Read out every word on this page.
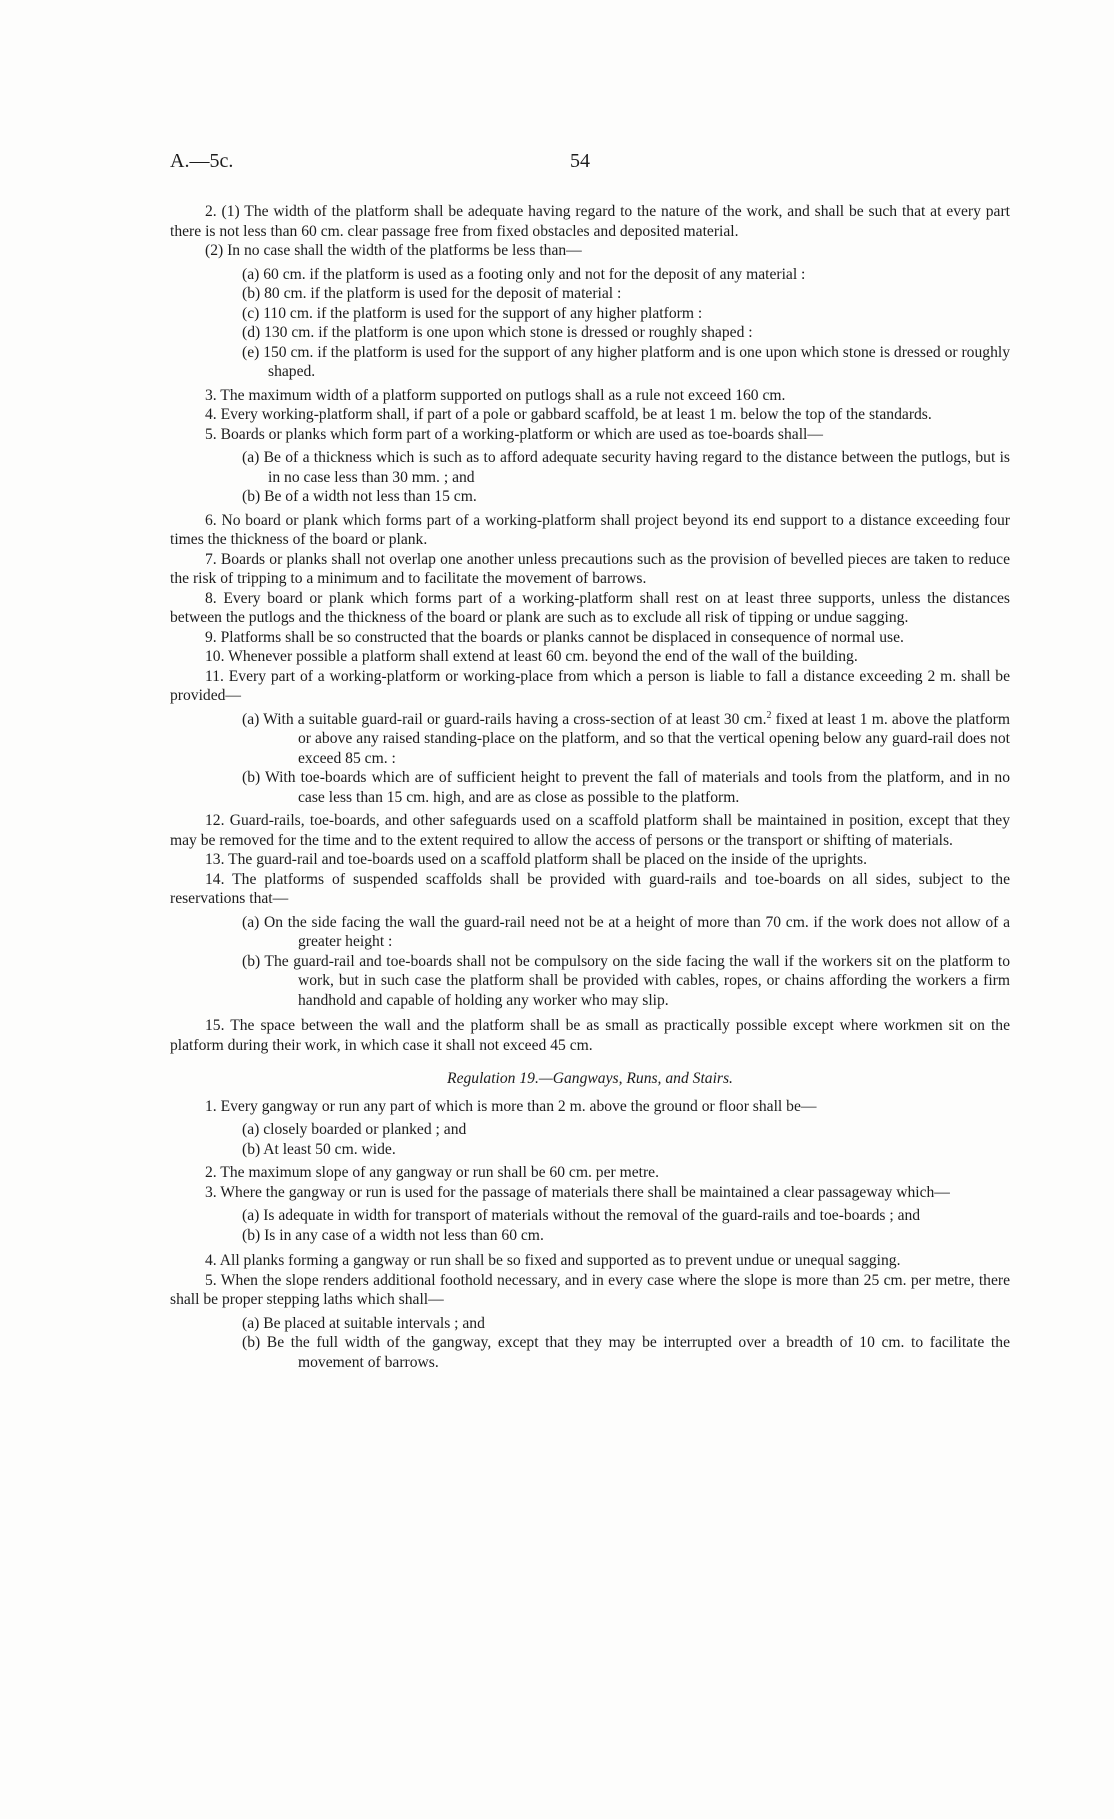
A.—5c.	54

2. (1) The width of the platform shall be adequate having regard to the nature of the work, and shall be such that at every part there is not less than 60 cm. clear passage free from fixed obstacles and deposited material.

(2) In no case shall the width of the platforms be less than—

(a) 60 cm. if the platform is used as a footing only and not for the deposit of any material :

(b) 80 cm. if the platform is used for the deposit of material :

(c) 110 cm. if the platform is used for the support of any higher platform :

(d) 130 cm. if the platform is one upon which stone is dressed or roughly shaped :

(e) 150 cm. if the platform is used for the support of any higher platform and is one upon which stone is dressed or roughly shaped.

3. The maximum width of a platform supported on putlogs shall as a rule not exceed 160 cm.

4. Every working-platform shall, if part of a pole or gabbard scaffold, be at least 1 m. below the top of the standards.

5. Boards or planks which form part of a working-platform or which are used as toe-boards shall—

(a) Be of a thickness which is such as to afford adequate security having regard to the distance between the putlogs, but is in no case less than 30 mm. ; and

(b) Be of a width not less than 15 cm.

6. No board or plank which forms part of a working-platform shall project beyond its end support to a distance exceeding four times the thickness of the board or plank.

7. Boards or planks shall not overlap one another unless precautions such as the provision of bevelled pieces are taken to reduce the risk of tripping to a minimum and to facilitate the movement of barrows.

8. Every board or plank which forms part of a working-platform shall rest on at least three supports, unless the distances between the putlogs and the thickness of the board or plank are such as to exclude all risk of tipping or undue sagging.

9. Platforms shall be so constructed that the boards or planks cannot be displaced in consequence of normal use.

10. Whenever possible a platform shall extend at least 60 cm. beyond the end of the wall of the building.

11. Every part of a working-platform or working-place from which a person is liable to fall a distance exceeding 2 m. shall be provided—

(a) With a suitable guard-rail or guard-rails having a cross-section of at least 30 cm.$^2$ fixed at least 1 m. above the platform or above any raised standing-place on the platform, and so that the vertical opening below any guard-rail does not exceed 85 cm. :

(b) With toe-boards which are of sufficient height to prevent the fall of materials and tools from the platform, and in no case less than 15 cm. high, and are as close as possible to the platform.

12. Guard-rails, toe-boards, and other safeguards used on a scaffold platform shall be maintained in position, except that they may be removed for the time and to the extent required to allow the access of persons or the transport or shifting of materials.

13. The guard-rail and toe-boards used on a scaffold platform shall be placed on the inside of the uprights.

14. The platforms of suspended scaffolds shall be provided with guard-rails and toe-boards on all sides, subject to the reservations that—

(a) On the side facing the wall the guard-rail need not be at a height of more than 70 cm. if the work does not allow of a greater height :

(b) The guard-rail and toe-boards shall not be compulsory on the side facing the wall if the workers sit on the platform to work, but in such case the platform shall be provided with cables, ropes, or chains affording the workers a firm handhold and capable of holding any worker who may slip.

15. The space between the wall and the platform shall be as small as practically possible except where workmen sit on the platform during their work, in which case it shall not exceed 45 cm.

Regulation 19.—Gangways, Runs, and Stairs.

1. Every gangway or run any part of which is more than 2 m. above the ground or floor shall be—

(a) closely boarded or planked ; and

(b) At least 50 cm. wide.

2. The maximum slope of any gangway or run shall be 60 cm. per metre.

3. Where the gangway or run is used for the passage of materials there shall be maintained a clear passageway which—

(a) Is adequate in width for transport of materials without the removal of the guard-rails and toe-boards ; and

(b) Is in any case of a width not less than 60 cm.

4. All planks forming a gangway or run shall be so fixed and supported as to prevent undue or unequal sagging.

5. When the slope renders additional foothold necessary, and in every case where the slope is more than 25 cm. per metre, there shall be proper stepping laths which shall—

(a) Be placed at suitable intervals ; and

(b) Be the full width of the gangway, except that they may be interrupted over a breadth of 10 cm. to facilitate the movement of barrows.
